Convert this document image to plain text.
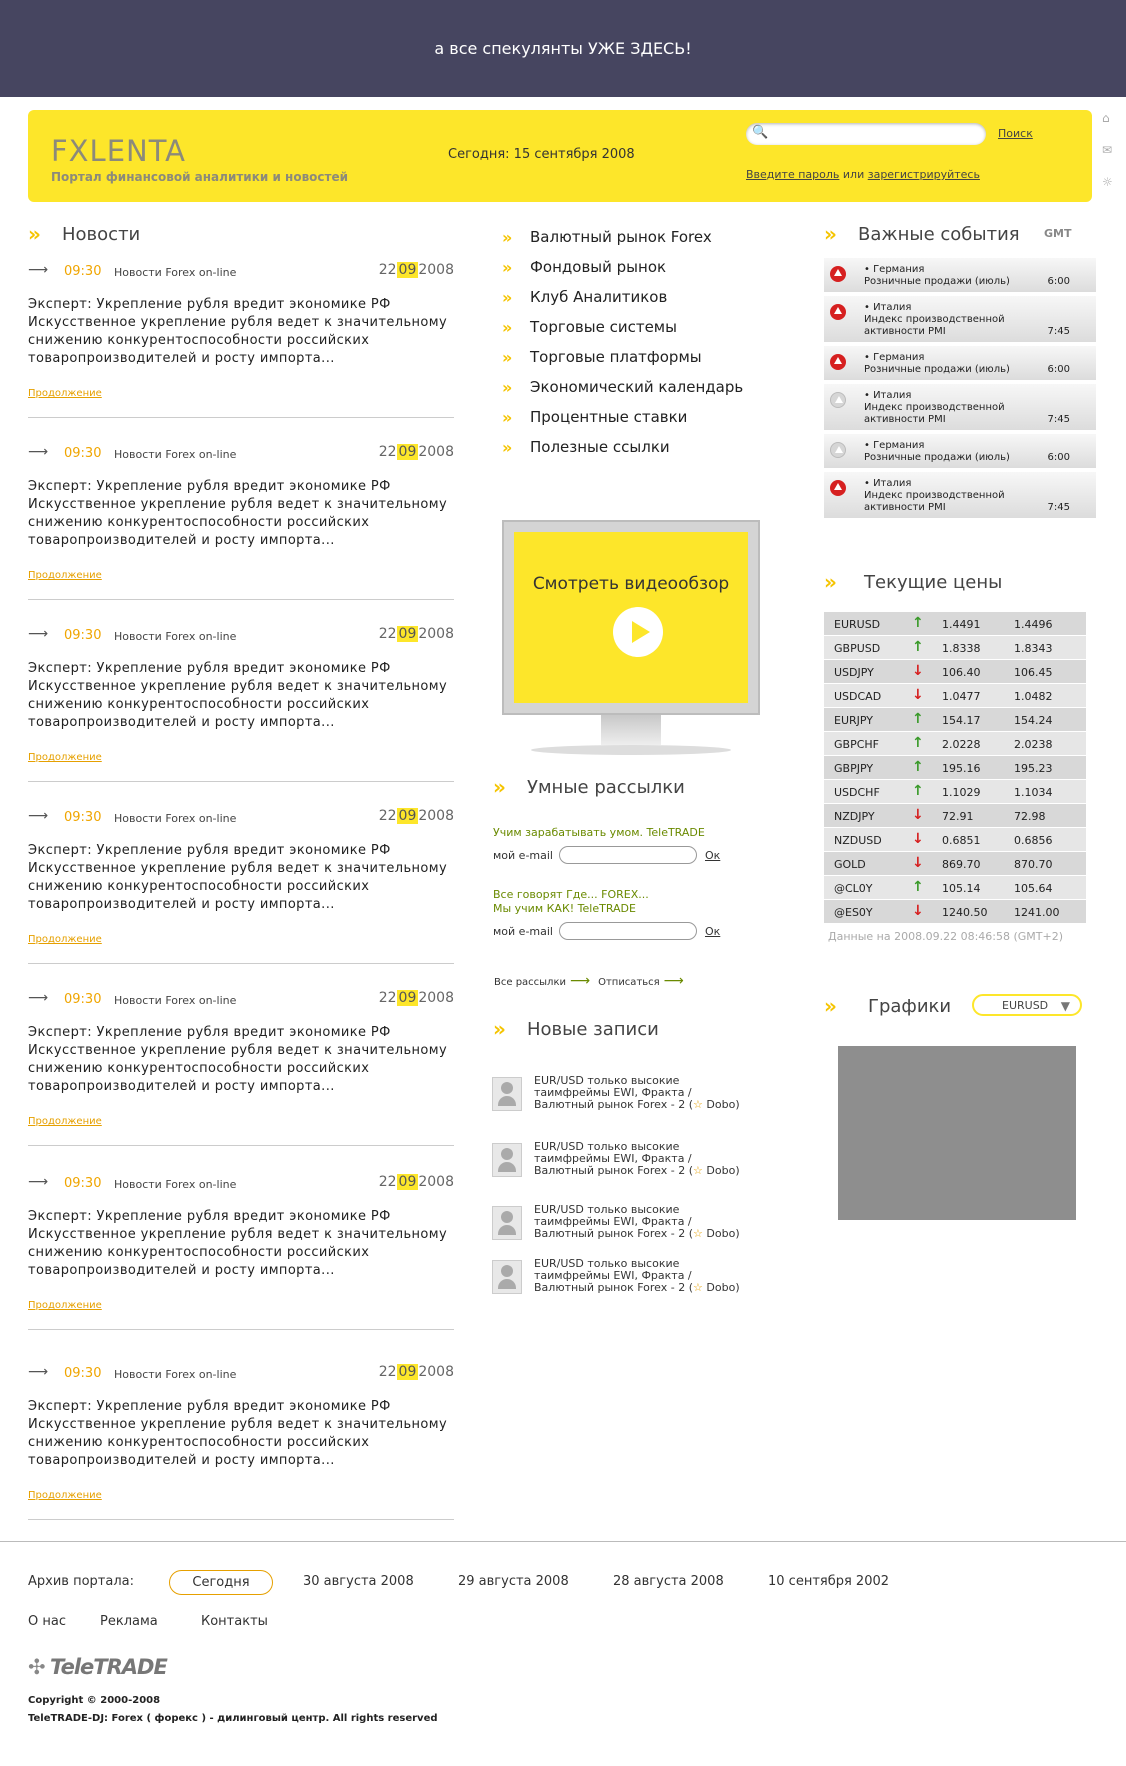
а все спекулянты УЖЕ ЗДЕСЬ!
⌂
✉
☼
FXLENTA
Портал финансовой аналитики и новостей
Сегодня: 15 сентября 2008
🔍	Поиск
Введите пароль или зарегистрируйтесь
»	Новости
⟶ 09:30 Новости Forex on-line	22 09 2008
Эксперт: Укрепление рубля вредит экономике РФ Искусственное укрепление рубля ведет к значительному снижению конкурентоспособности российских товаропроизводителей и росту импорта...
Продолжение
⟶ 09:30 Новости Forex on-line	22 09 2008
Эксперт: Укрепление рубля вредит экономике РФ Искусственное укрепление рубля ведет к значительному снижению конкурентоспособности российских товаропроизводителей и росту импорта...
Продолжение
⟶ 09:30 Новости Forex on-line	22 09 2008
Эксперт: Укрепление рубля вредит экономике РФ Искусственное укрепление рубля ведет к значительному снижению конкурентоспособности российских товаропроизводителей и росту импорта...
Продолжение
⟶ 09:30 Новости Forex on-line	22 09 2008
Эксперт: Укрепление рубля вредит экономике РФ Искусственное укрепление рубля ведет к значительному снижению конкурентоспособности российских товаропроизводителей и росту импорта...
Продолжение
⟶ 09:30 Новости Forex on-line	22 09 2008
Эксперт: Укрепление рубля вредит экономике РФ Искусственное укрепление рубля ведет к значительному снижению конкурентоспособности российских товаропроизводителей и росту импорта...
Продолжение
⟶ 09:30 Новости Forex on-line	22 09 2008
Эксперт: Укрепление рубля вредит экономике РФ Искусственное укрепление рубля ведет к значительному снижению конкурентоспособности российских товаропроизводителей и росту импорта...
Продолжение
⟶ 09:30 Новости Forex on-line	22 09 2008
Эксперт: Укрепление рубля вредит экономике РФ Искусственное укрепление рубля ведет к значительному снижению конкурентоспособности российских товаропроизводителей и росту импорта...
Продолжение
»	Валютный рынок Forex
»	Фондовый рынок
»	Клуб Аналитиков
»	Торговые системы
»	Торговые платформы
»	Экономический календарь
»	Процентные ставки
»	Полезные ссылки
Смотреть видеообзор
»	Умные рассылки
Учим зарабатывать умом. TeleTRADE
мой e-mail	Ок
Все говорят Где... FOREX...
Мы учим КАК! TeleTRADE
мой e-mail	Ок
Все рассылки ⟶ Отписаться ⟶
»	Новые записи
EUR/USD только высокие
таимфреймы EWI, Фракта /
Валютный рынок Forex - 2 (☆ Dobo)
EUR/USD только высокие
таимфреймы EWI, Фракта /
Валютный рынок Forex - 2 (☆ Dobo)
EUR/USD только высокие
таимфреймы EWI, Фракта /
Валютный рынок Forex - 2 (☆ Dobo)
EUR/USD только высокие
таимфреймы EWI, Фракта /
Валютный рынок Forex - 2 (☆ Dobo)
»	Важные события GMT
• Германия
Розничные продажи (июль)	6:00
• Италия
Индекс производственной активности PMI	7:45
• Германия
Розничные продажи (июль)	6:00
• Италия
Индекс производственной активности PMI	7:45
• Германия
Розничные продажи (июль)	6:00
• Италия
Индекс производственной активности PMI	7:45
»	Текущие цены
EURUSD ↑ 1.4491	1.4496
GBPUSD ↑ 1.8338	1.8343
USDJPY	↓ 106.40	106.45
USDCAD ↓ 1.0477	1.0482
EURJPY	↑ 154.17	154.24
GBPCHF ↑ 2.0228	2.0238
GBPJPY	↑ 195.16	195.23
USDCHF ↑ 1.1029	1.1034
NZDJPY	↓ 72.91	72.98
NZDUSD ↓ 0.6851	0.6856
GOLD	↓ 869.70	870.70
@CL0Y	↑ 105.14	105.64
@ES0Y	↓ 1240.50 1241.00
Данные на 2008.09.22 08:46:58 (GMT+2)
»	Графики	EURUSD ▼
Архив портала:	Сегодня	30 августа 2008	29 августа 2008	28 августа 2008	10 сентября 2002
О нас	Реклама	Контакты
✣ TeleTRADE
Copyright © 2000-2008
TeleTRADE-DJ: Forex ( форекс ) - дилинговый центр. All rights reserved
